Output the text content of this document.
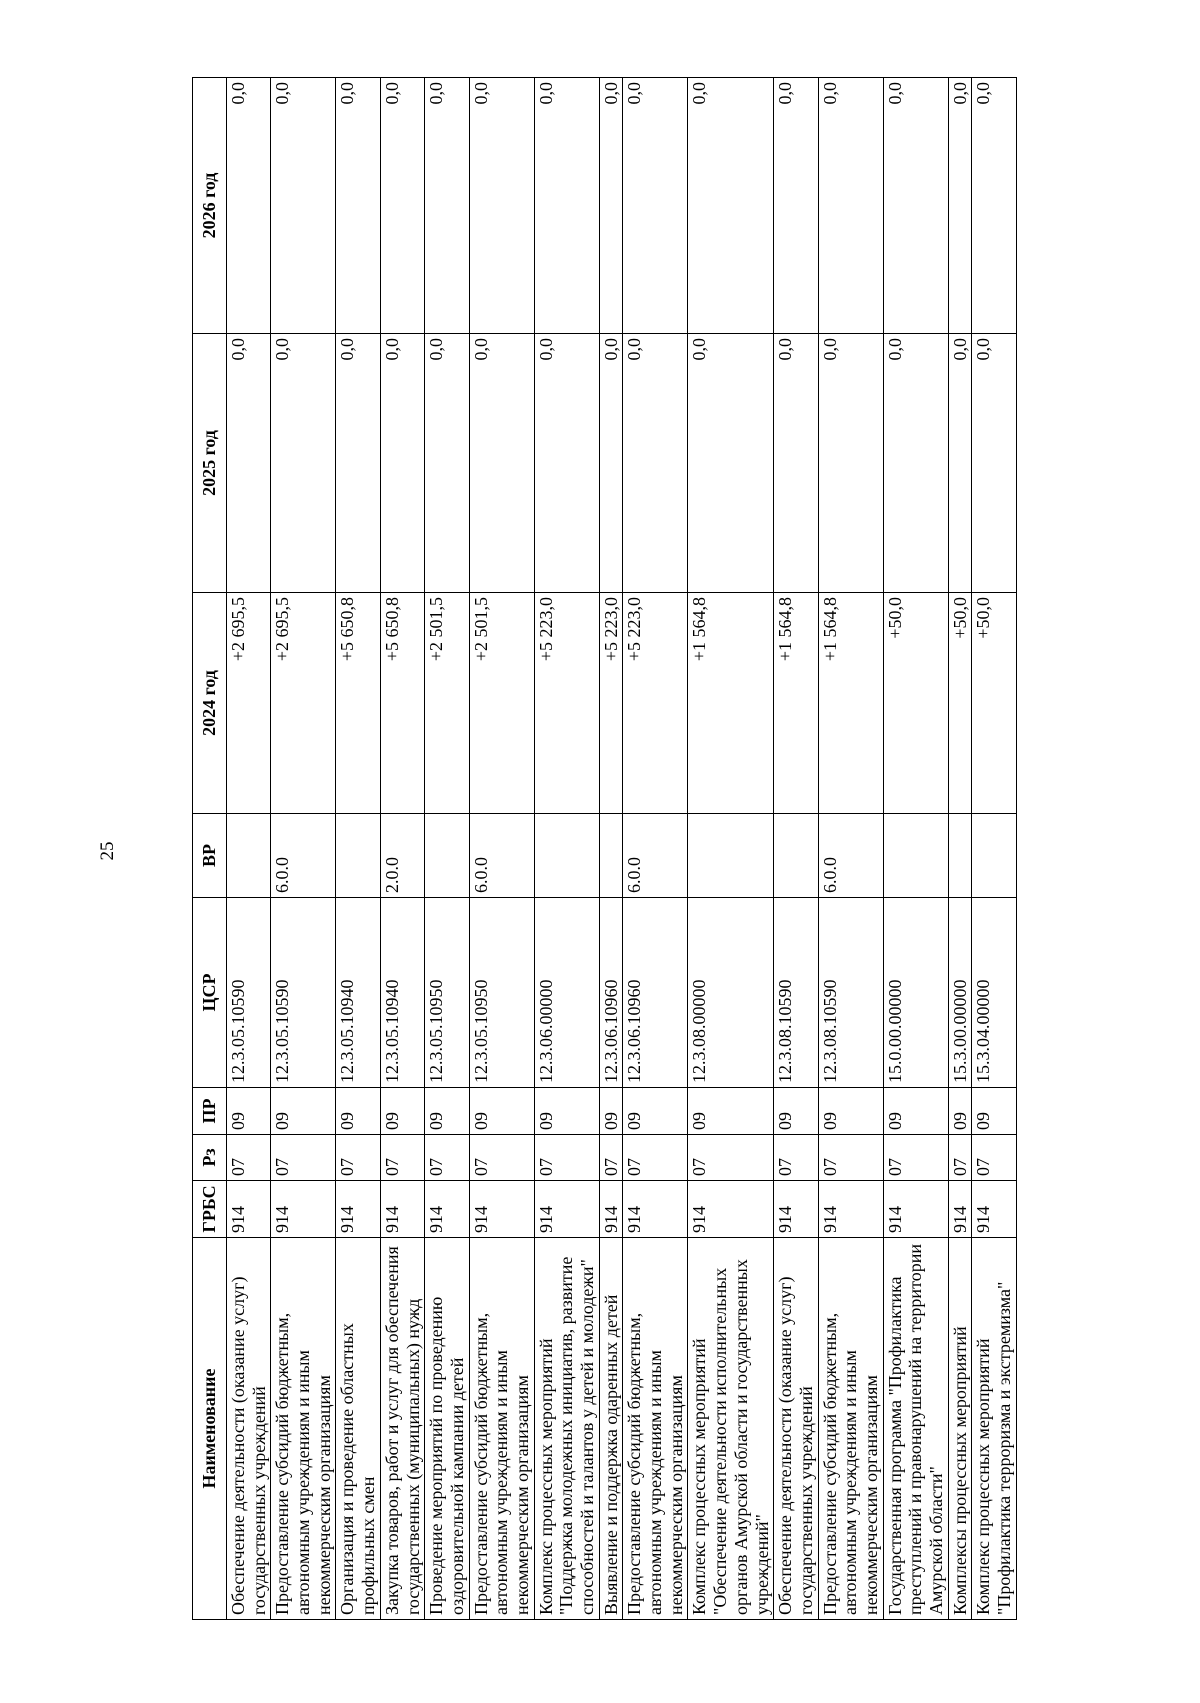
25
Наименование	ГРБС	Рз	ПР	ЦСР	ВР	2024 год	2025 год	2026 год
Обеспечение деятельности (оказание услуг) государственных учреждений	914	07	09	12.3.05.10590		+2 695,5	0,0	0,0
Предоставление субсидий бюджетным, автономным учреждениям и иным некоммерческим организациям	914	07	09	12.3.05.10590	6.0.0	+2 695,5	0,0	0,0
Организация и проведение областных профильных смен	914	07	09	12.3.05.10940		+5 650,8	0,0	0,0
Закупка товаров, работ и услуг для обеспечения государственных (муниципальных) нужд	914	07	09	12.3.05.10940	2.0.0	+5 650,8	0,0	0,0
Проведение мероприятий по проведению оздоровительной кампании детей	914	07	09	12.3.05.10950		+2 501,5	0,0	0,0
Предоставление субсидий бюджетным, автономным учреждениям и иным некоммерческим организациям	914	07	09	12.3.05.10950	6.0.0	+2 501,5	0,0	0,0
Комплекс процессных мероприятий "Поддержка молодежных инициатив, развитие способностей и талантов у детей и молодежи"	914	07	09	12.3.06.00000		+5 223,0	0,0	0,0
Выявление и поддержка одаренных детей	914	07	09	12.3.06.10960		+5 223,0	0,0	0,0
Предоставление субсидий бюджетным, автономным учреждениям и иным некоммерческим организациям	914	07	09	12.3.06.10960	6.0.0	+5 223,0	0,0	0,0
Комплекс процессных мероприятий "Обеспечение деятельности исполнительных органов Амурской области и государственных учреждений"	914	07	09	12.3.08.00000		+1 564,8	0,0	0,0
Обеспечение деятельности (оказание услуг) государственных учреждений	914	07	09	12.3.08.10590		+1 564,8	0,0	0,0
Предоставление субсидий бюджетным, автономным учреждениям и иным некоммерческим организациям	914	07	09	12.3.08.10590	6.0.0	+1 564,8	0,0	0,0
Государственная программа "Профилактика преступлений и правонарушений на территории Амурской области"	914	07	09	15.0.00.00000		+50,0	0,0	0,0
Комплексы процессных мероприятий	914	07	09	15.3.00.00000		+50,0	0,0	0,0
Комплекс процессных мероприятий "Профилактика терроризма и экстремизма"	914	07	09	15.3.04.00000		+50,0	0,0	0,0
